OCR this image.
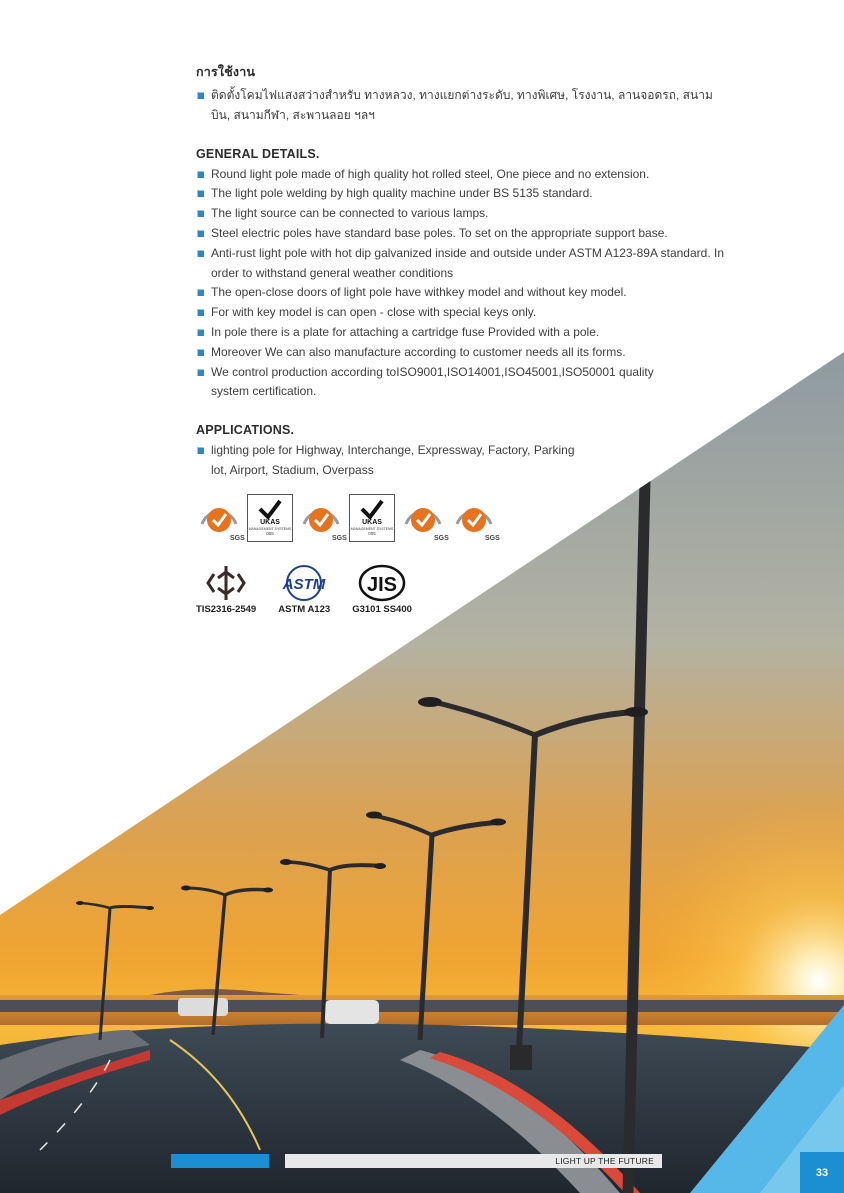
การใช้งาน
ติดตั้งโคมไฟแสงสว่างสำหรับ ทางหลวง, ทางแยกต่างระดับ, ทางพิเศษ, โรงงาน, ลานจอดรถ, สนามบิน, สนามกีฬา, สะพานลอย ฯลฯ
GENERAL DETAILS.
Round light pole made of high quality hot rolled steel, One piece and no extension.
The light pole welding by high quality machine under BS 5135 standard.
The light source can be connected to various lamps.
Steel electric poles have standard base poles. To set on the appropriate support base.
Anti-rust light pole with hot dip galvanized inside and outside under ASTM A123-89A standard. In order to withstand general weather conditions
The open-close doors of light pole have withkey model and without key model.
For with key model is can open - close with special keys only.
In pole there is a plate for attaching a cartridge fuse Provided with a pole.
Moreover We can also manufacture according to customer needs all its forms.
We control production according toISO9001,ISO14001,ISO45001,ISO50001 quality system certification.
APPLICATIONS.
lighting pole for Highway, Interchange, Expressway, Factory, Parking lot, Airport, Stadium, Overpass
SGS
UKAS
MANAGEMENT SYSTEMS
005
SGS
UKAS
MANAGEMENT SYSTEMS
005
SGS	SGS
TIS2316-2549
ASTM
ASTM A123
JIS
G3101 SS400
LIGHT UP THE FUTURE
33
